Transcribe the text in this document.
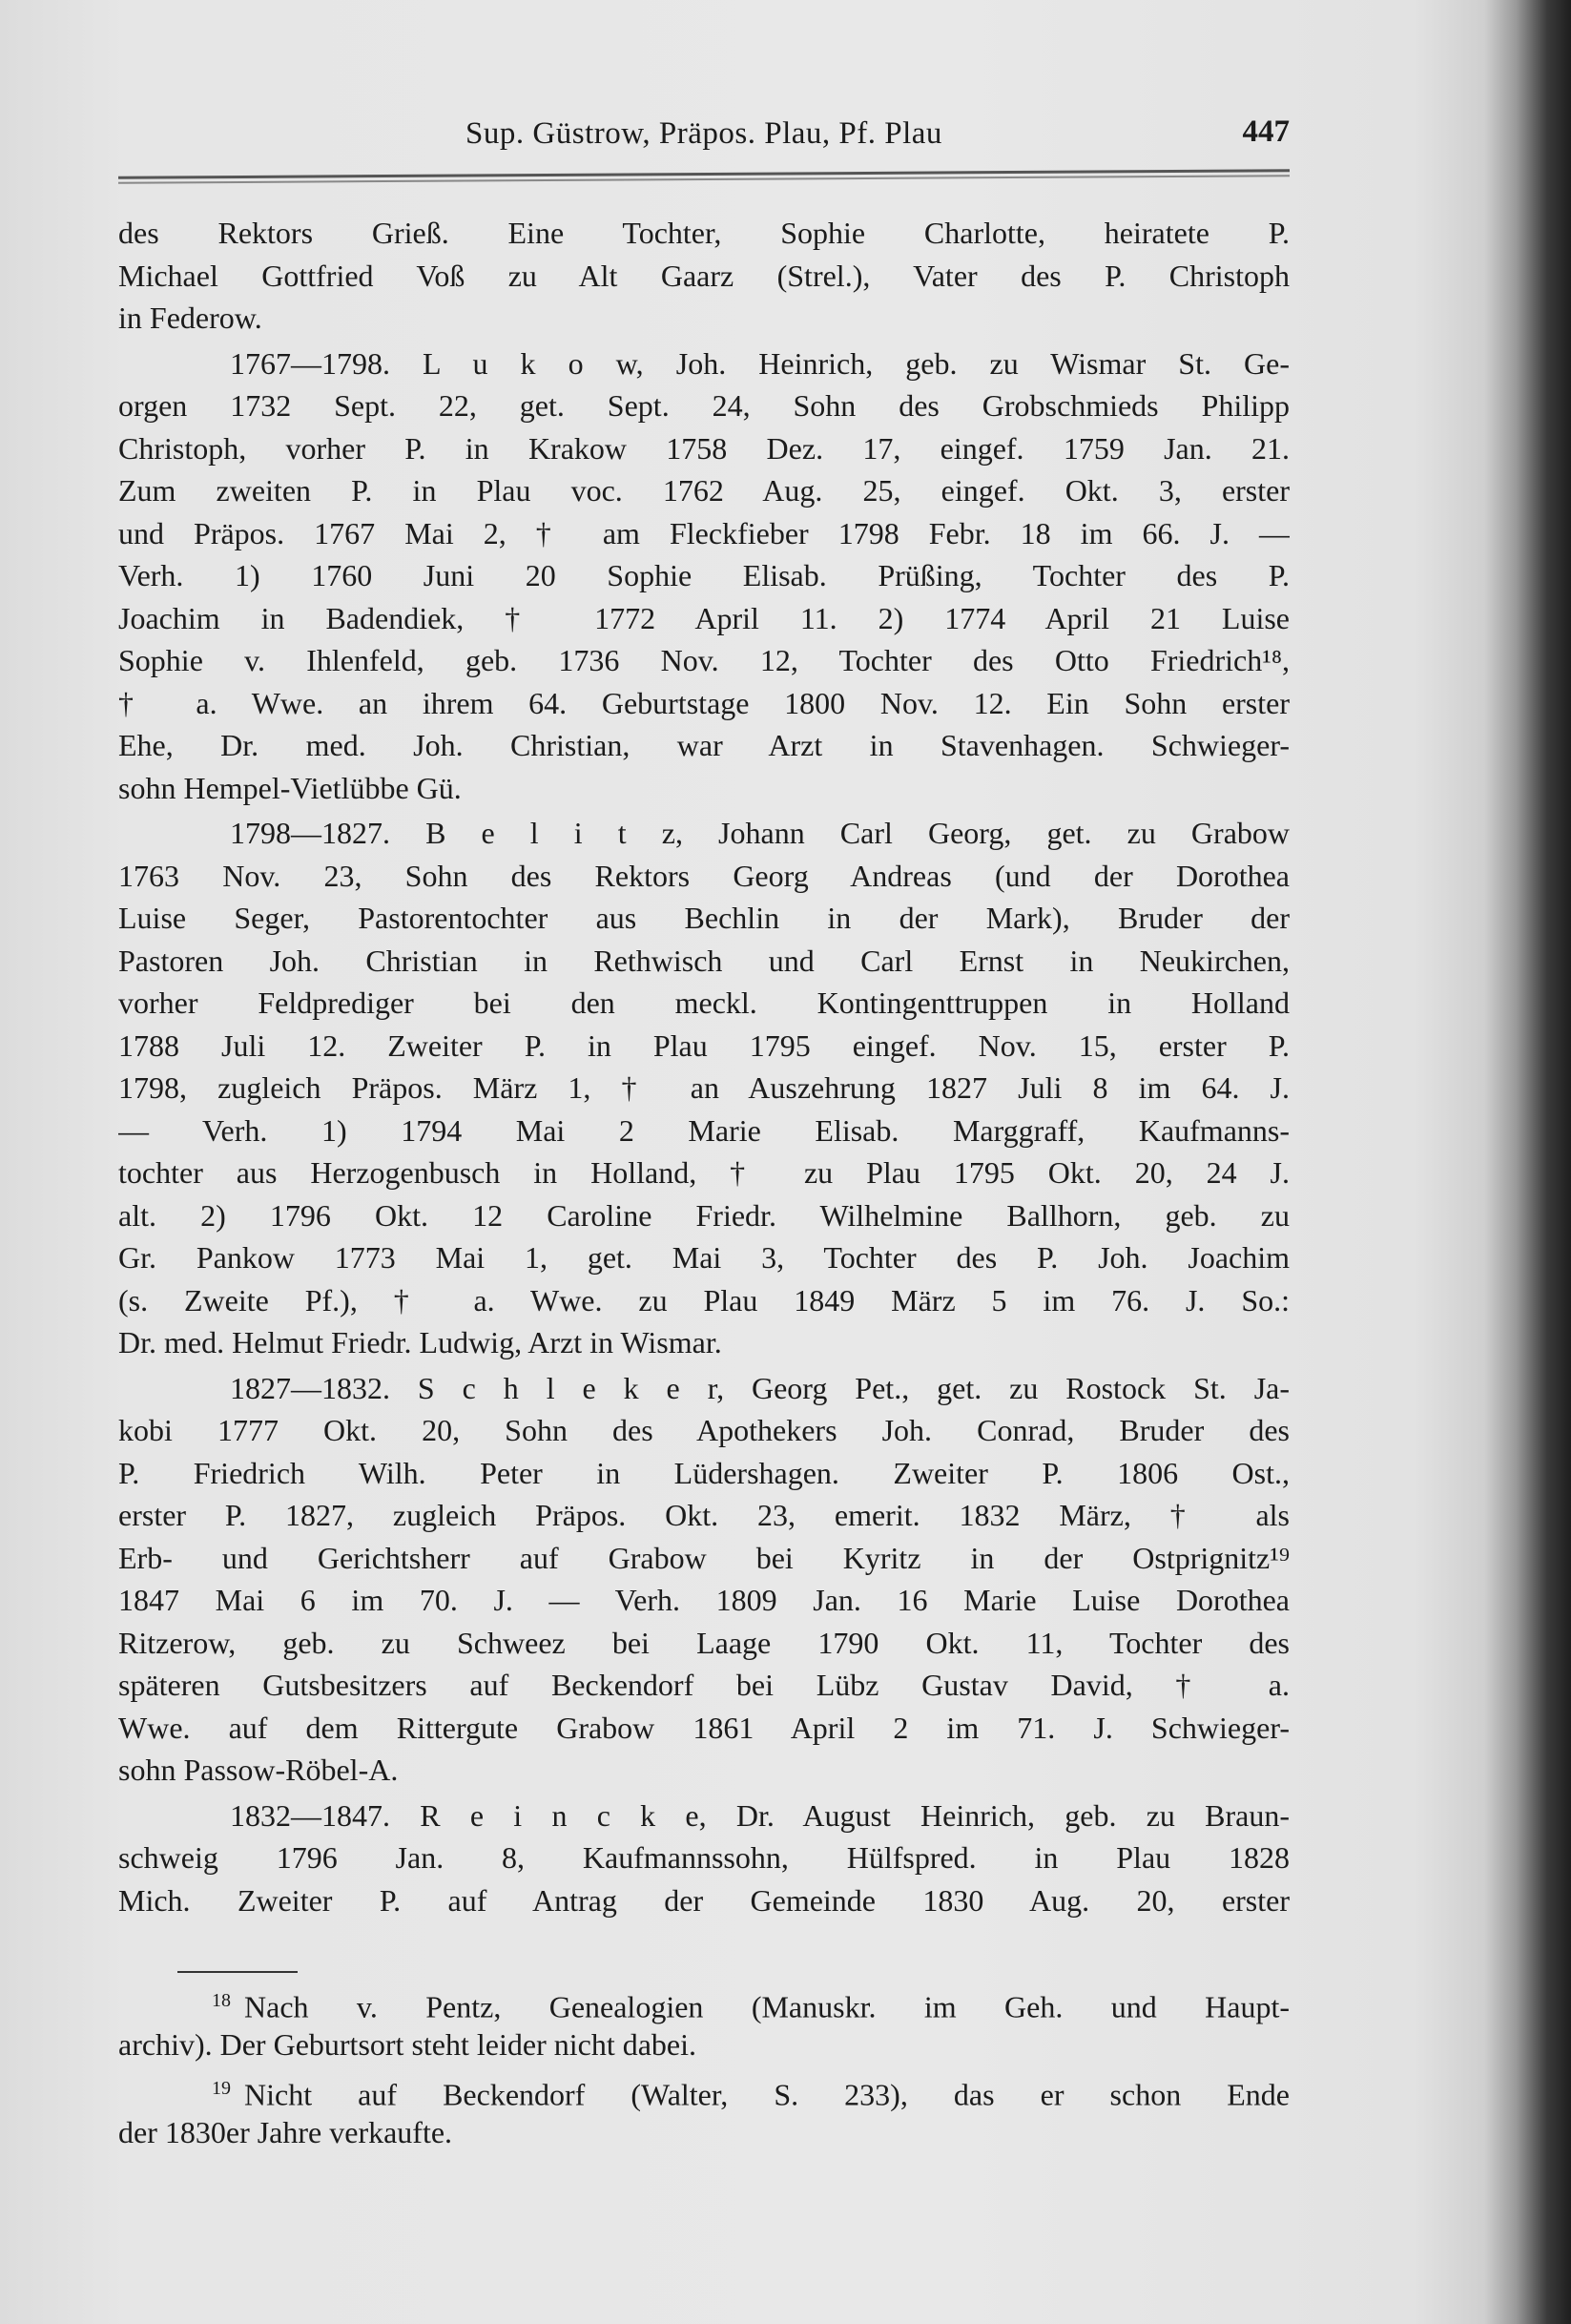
Sup. Güstrow, Präpos. Plau, Pf. Plau	447
des Rektors Grieß. Eine Tochter, Sophie Charlotte, heiratete P.
Michael Gottfried Voß zu Alt Gaarz (Strel.), Vater des P. Christoph
in Federow.
1767—1798. L u k o w, Joh. Heinrich, geb. zu Wismar St. Ge-
orgen 1732 Sept. 22, get. Sept. 24, Sohn des Grobschmieds Philipp
Christoph, vorher P. in Krakow 1758 Dez. 17, eingef. 1759 Jan. 21.
Zum zweiten P. in Plau voc. 1762 Aug. 25, eingef. Okt. 3, erster
und Präpos. 1767 Mai 2, † am Fleckfieber 1798 Febr. 18 im 66. J. —
Verh. 1) 1760 Juni 20 Sophie Elisab. Prüßing, Tochter des P.
Joachim in Badendiek, † 1772 April 11. 2) 1774 April 21 Luise
Sophie v. Ihlenfeld, geb. 1736 Nov. 12, Tochter des Otto Friedrich¹⁸,
† a. Wwe. an ihrem 64. Geburtstage 1800 Nov. 12. Ein Sohn erster
Ehe, Dr. med. Joh. Christian, war Arzt in Stavenhagen. Schwieger-
sohn Hempel-Vietlübbe Gü.
1798—1827. B e l i t z, Johann Carl Georg, get. zu Grabow
1763 Nov. 23, Sohn des Rektors Georg Andreas (und der Dorothea
Luise Seger, Pastorentochter aus Bechlin in der Mark), Bruder der
Pastoren Joh. Christian in Rethwisch und Carl Ernst in Neukirchen,
vorher Feldprediger bei den meckl. Kontingenttruppen in Holland
1788 Juli 12. Zweiter P. in Plau 1795 eingef. Nov. 15, erster P.
1798, zugleich Präpos. März 1, † an Auszehrung 1827 Juli 8 im 64. J.
— Verh. 1) 1794 Mai 2 Marie Elisab. Marggraff, Kaufmanns-
tochter aus Herzogenbusch in Holland, † zu Plau 1795 Okt. 20, 24 J.
alt. 2) 1796 Okt. 12 Caroline Friedr. Wilhelmine Ballhorn, geb. zu
Gr. Pankow 1773 Mai 1, get. Mai 3, Tochter des P. Joh. Joachim
(s. Zweite Pf.), † a. Wwe. zu Plau 1849 März 5 im 76. J. So.:
Dr. med. Helmut Friedr. Ludwig, Arzt in Wismar.
1827—1832. S c h l e k e r, Georg Pet., get. zu Rostock St. Ja-
kobi 1777 Okt. 20, Sohn des Apothekers Joh. Conrad, Bruder des
P. Friedrich Wilh. Peter in Lüdershagen. Zweiter P. 1806 Ost.,
erster P. 1827, zugleich Präpos. Okt. 23, emerit. 1832 März, † als
Erb- und Gerichtsherr auf Grabow bei Kyritz in der Ostprignitz¹⁹
1847 Mai 6 im 70. J. — Verh. 1809 Jan. 16 Marie Luise Dorothea
Ritzerow, geb. zu Schweez bei Laage 1790 Okt. 11, Tochter des
späteren Gutsbesitzers auf Beckendorf bei Lübz Gustav David, † a.
Wwe. auf dem Rittergute Grabow 1861 April 2 im 71. J. Schwieger-
sohn Passow-Röbel-A.
1832—1847. R e i n c k e, Dr. August Heinrich, geb. zu Braun-
schweig 1796 Jan. 8, Kaufmannssohn, Hülfspred. in Plau 1828
Mich. Zweiter P. auf Antrag der Gemeinde 1830 Aug. 20, erster
$^{18}$ Nach v. Pentz, Genealogien (Manuskr. im Geh. und Haupt-
archiv). Der Geburtsort steht leider nicht dabei.
$^{19}$ Nicht auf Beckendorf (Walter, S. 233), das er schon Ende
der 1830er Jahre verkaufte.
